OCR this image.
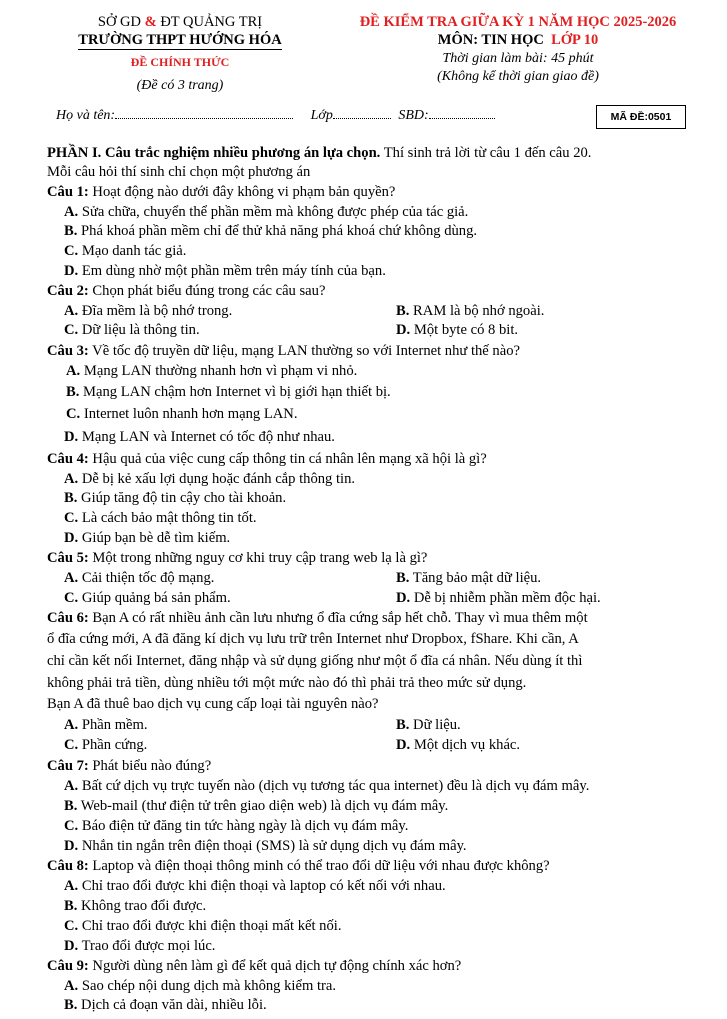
SỞ GD & ĐT QUẢNG TRỊ
TRƯỜNG THPT HƯỚNG HÓA
ĐỀ CHÍNH THỨC
(Đề có 3 trang)
ĐỀ KIỂM TRA GIỮA KỲ 1 NĂM HỌC 2025-2026
MÔN: TIN HỌC LỚP 10
Thời gian làm bài: 45 phút
(Không kể thời gian giao đề)
Họ và tên:	Lớp	SBD:	MÃ ĐỀ:0501
PHẦN I. Câu trắc nghiệm nhiều phương án lựa chọn. Thí sinh trả lời từ câu 1 đến câu 20.
Mỗi câu hỏi thí sinh chỉ chọn một phương án
Câu 1: Hoạt động nào dưới đây không vi phạm bản quyền?
A. Sửa chữa, chuyển thể phần mềm mà không được phép của tác giả.
B. Phá khoá phần mềm chỉ để thử khả năng phá khoá chứ không dùng.
C. Mạo danh tác giả.
D. Em dùng nhờ một phần mềm trên máy tính của bạn.
Câu 2: Chọn phát biểu đúng trong các câu sau?
A. Đĩa mềm là bộ nhớ trong.	B. RAM là bộ nhớ ngoài.
C. Dữ liệu là thông tin.	D. Một byte có 8 bit.
Câu 3: Về tốc độ truyền dữ liệu, mạng LAN thường so với Internet như thế nào?
A. Mạng LAN thường nhanh hơn vì phạm vi nhỏ.
B. Mạng LAN chậm hơn Internet vì bị giới hạn thiết bị.
C. Internet luôn nhanh hơn mạng LAN.
D. Mạng LAN và Internet có tốc độ như nhau.
Câu 4: Hậu quả của việc cung cấp thông tin cá nhân lên mạng xã hội là gì?
A. Dễ bị kẻ xấu lợi dụng hoặc đánh cắp thông tin.
B. Giúp tăng độ tin cậy cho tài khoản.
C. Là cách bảo mật thông tin tốt.
D. Giúp bạn bè dễ tìm kiếm.
Câu 5: Một trong những nguy cơ khi truy cập trang web lạ là gì?
A. Cải thiện tốc độ mạng.	B. Tăng bảo mật dữ liệu.
C. Giúp quảng bá sản phẩm.	D. Dễ bị nhiễm phần mềm độc hại.
Câu 6: Bạn A có rất nhiều ảnh cần lưu nhưng ổ đĩa cứng sắp hết chỗ. Thay vì mua thêm một
ổ đĩa cứng mới, A đã đăng kí dịch vụ lưu trữ trên Internet như Dropbox, fShare. Khi cần, A
chỉ cần kết nối Internet, đăng nhập và sử dụng giống như một ổ đĩa cá nhân. Nếu dùng ít thì
không phải trả tiền, dùng nhiều tới một mức nào đó thì phải trả theo mức sử dụng.
Bạn A đã thuê bao dịch vụ cung cấp loại tài nguyên nào?
A. Phần mềm.	B. Dữ liệu.
C. Phần cứng.	D. Một dịch vụ khác.
Câu 7: Phát biểu nào đúng?
A. Bất cứ dịch vụ trực tuyến nào (dịch vụ tương tác qua internet) đều là dịch vụ đám mây.
B. Web-mail (thư điện tử trên giao diện web) là dịch vụ đám mây.
C. Báo điện tử đăng tin tức hàng ngày là dịch vụ đám mây.
D. Nhắn tin ngắn trên điện thoại (SMS) là sử dụng dịch vụ đám mây.
Câu 8: Laptop và điện thoại thông minh có thể trao đổi dữ liệu với nhau được không?
A. Chỉ trao đổi được khi điện thoại và laptop có kết nối với nhau.
B. Không trao đổi được.
C. Chỉ trao đổi được khi điện thoại mất kết nối.
D. Trao đổi được mọi lúc.
Câu 9: Người dùng nên làm gì để kết quả dịch tự động chính xác hơn?
A. Sao chép nội dung dịch mà không kiểm tra.
B. Dịch cả đoạn văn dài, nhiều lỗi.
